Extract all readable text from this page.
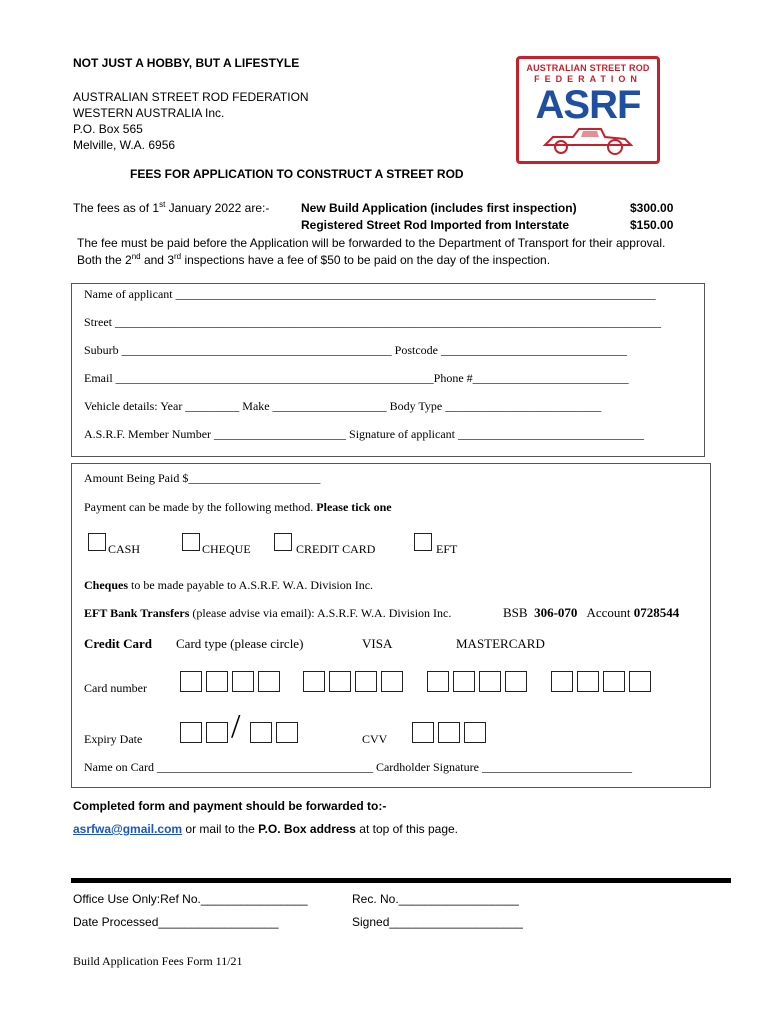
NOT JUST A HOBBY, BUT A LIFESTYLE
AUSTRALIAN STREET ROD FEDERATION
WESTERN AUSTRALIA Inc.
P.O. Box 565
Melville, W.A. 6956
AUSTRALIAN STREET ROD
FEDERATION
ASRF
FEES FOR APPLICATION TO CONSTRUCT A STREET ROD
The fees as of 1st January 2022 are:-	New Build Application (includes first inspection)	$300.00
Registered Street Rod Imported from Interstate	$150.00
The fee must be paid before the Application will be forwarded to the Department of Transport for their approval.
Both the 2nd and 3rd inspections have a fee of $50 to be paid on the day of the inspection.
Name of applicant ________________________________________________________________________________
Street ___________________________________________________________________________________________
Suburb _____________________________________________ Postcode _______________________________
Email _____________________________________________________Phone #__________________________
Vehicle details: Year _________ Make ___________________ Body Type __________________________
A.S.R.F. Member Number ______________________ Signature of applicant _______________________________
Amount Being Paid $______________________
Payment can be made by the following method. Please tick one
CASH	CHEQUE	CREDIT CARD	EFT
Cheques to be made payable to A.S.R.F. W.A. Division Inc.
EFT Bank Transfers (please advise via email): A.S.R.F. W.A. Division Inc.	BSB 306-070 Account 0728544
Credit Card Card type (please circle)	VISA	MASTERCARD
Card number
Expiry Date	/	CVV
Name on Card ____________________________________ Cardholder Signature _________________________
Completed form and payment should be forwarded to:-
asrfwa@gmail.com or mail to the P.O. Box address at top of this page.
Office Use Only:Ref No.________________	Rec. No.__________________
Date Processed__________________	Signed____________________
Build Application Fees Form 11/21
